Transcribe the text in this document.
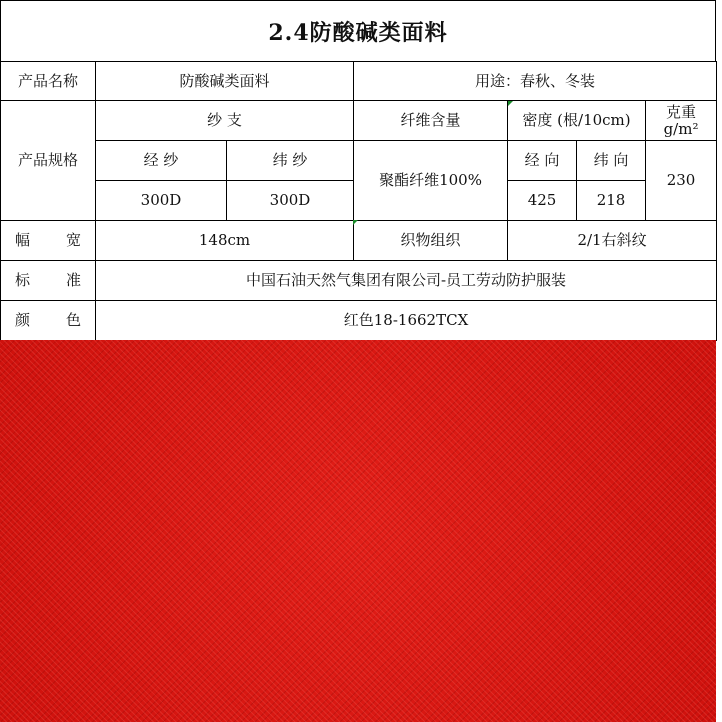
2.4防酸碱类面料
产品名称	防酸碱类面料		用途：春秋、冬装			
产品规格	纱 支		纤维含量	密度 (根/10cm)		克重
g/m²

	经 纱	纬 纱	聚酯纤维100%	经 向	纬 向	230
	300D	300D		425	218	
幅 宽	148cm		织物组织	2/1右斜纹		
标 准	中国石油天然气集团有限公司-员工劳动防护服装					
颜 色	红色18-1662TCX					
